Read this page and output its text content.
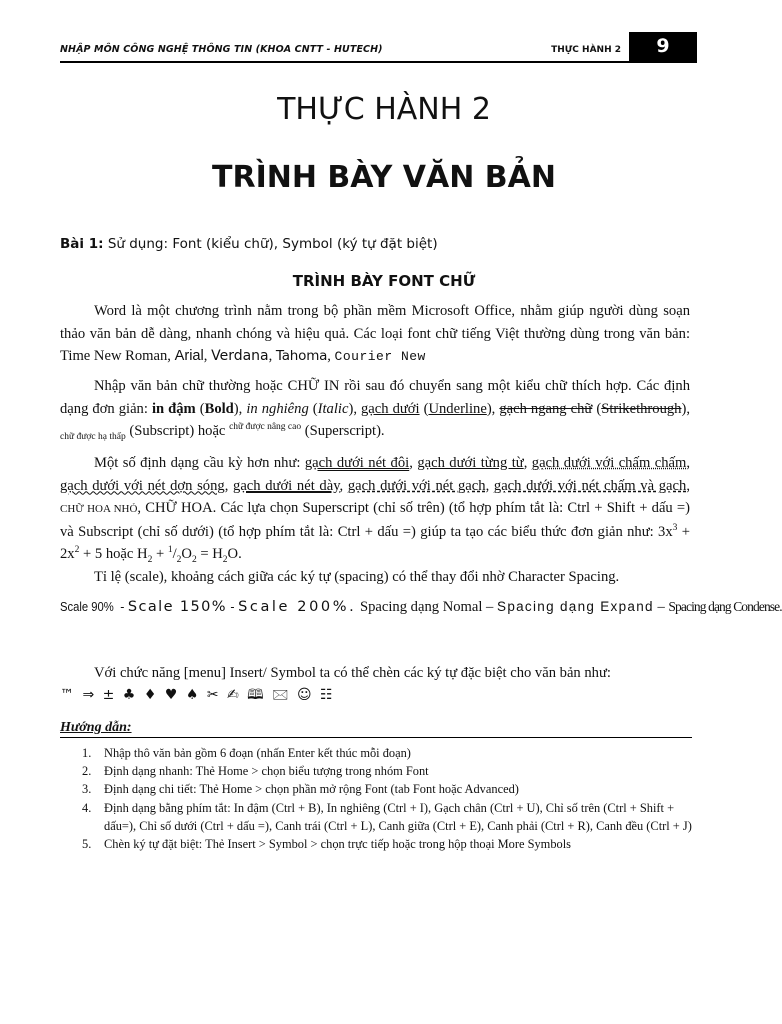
NHẬP MÔN CÔNG NGHỆ THÔNG TIN (KHOA CNTT - HUTECH)	THỰC HÀNH 2	9
THỰC HÀNH 2
TRÌNH BÀY VĂN BẢN
Bài 1: Sử dụng: Font (kiểu chữ), Symbol (ký tự đặt biệt)
TRÌNH BÀY FONT CHỮ

Word là một chương trình nằm trong bộ phần mềm Microsoft Office, nhằm giúp người dùng soạn thảo văn bản dễ dàng, nhanh chóng và hiệu quả. Các loại font chữ tiếng Việt thường dùng trong văn bản: Time New Roman, Arial, Verdana, Tahoma, Courier New

Nhập văn bản chữ thường hoặc CHỮ IN rồi sau đó chuyển sang một kiểu chữ thích hợp. Các định dạng đơn giản: in đậm (Bold), in nghiêng (Italic), gạch dưới (Underline), gạch ngang chữ (Strikethrough), $_{chữ được hạ thấp}$ (Subscript) hoặc $^{chữ được nâng cao}$ (Superscript).

Một số định dạng cầu kỳ hơn như: gạch dưới nét đôi, gạch dưới từng từ, gạch dưới với chấm chấm, gạch dưới với nét dợn sóng, gạch dưới nét dày, gạch dưới với nét gạch, gạch dưới với nét chấm và gạch, CHỮ HOA NHỎ, CHỮ HOA. Các lựa chọn Superscript (chỉ số trên) (tổ hợp phím tắt là: Ctrl + Shift + dấu =) và Subscript (chỉ số dưới) (tổ hợp phím tắt là: Ctrl + dấu =) giúp ta tạo các biểu thức đơn giản như: $3x^3 + 2x^2 + 5$ hoặc $H_2 + ^1/_2O_2 = H_2O$.

Tỉ lệ (scale), khoảng cách giữa các ký tự (spacing) có thể thay đổi nhờ Character Spacing.

Scale 90% - Scale 150% - Scale 200%. Spacing dạng Nomal – Spacing dạng Expand – Spacing dạng Condense.

Với chức năng [menu] Insert/ Symbol ta có thể chèn các ký tự đặc biệt cho văn bản như:

™ ⇒ ± ♣ ♦ ♥ ♠ ✂ ✍ 🕮 🖂 ☺ ☷
Hướng dẫn:
1. Nhập thô văn bản gồm 6 đoạn (nhấn Enter kết thúc mỗi đoạn)
2. Định dạng nhanh: Thẻ Home > chọn biểu tượng trong nhóm Font
3. Định dạng chi tiết: Thẻ Home > chọn phần mở rộng Font (tab Font hoặc Advanced)
4. Định dạng bằng phím tắt: In đậm (Ctrl + B), In nghiêng (Ctrl + I), Gạch chân (Ctrl + U), Chỉ số trên (Ctrl + Shift + dấu=), Chỉ số dưới (Ctrl + dấu =), Canh trái (Ctrl + L), Canh giữa (Ctrl + E), Canh phải (Ctrl + R), Canh đều (Ctrl + J)
5. Chèn ký tự đặt biệt: Thẻ Insert > Symbol > chọn trực tiếp hoặc trong hộp thoại More Symbols
